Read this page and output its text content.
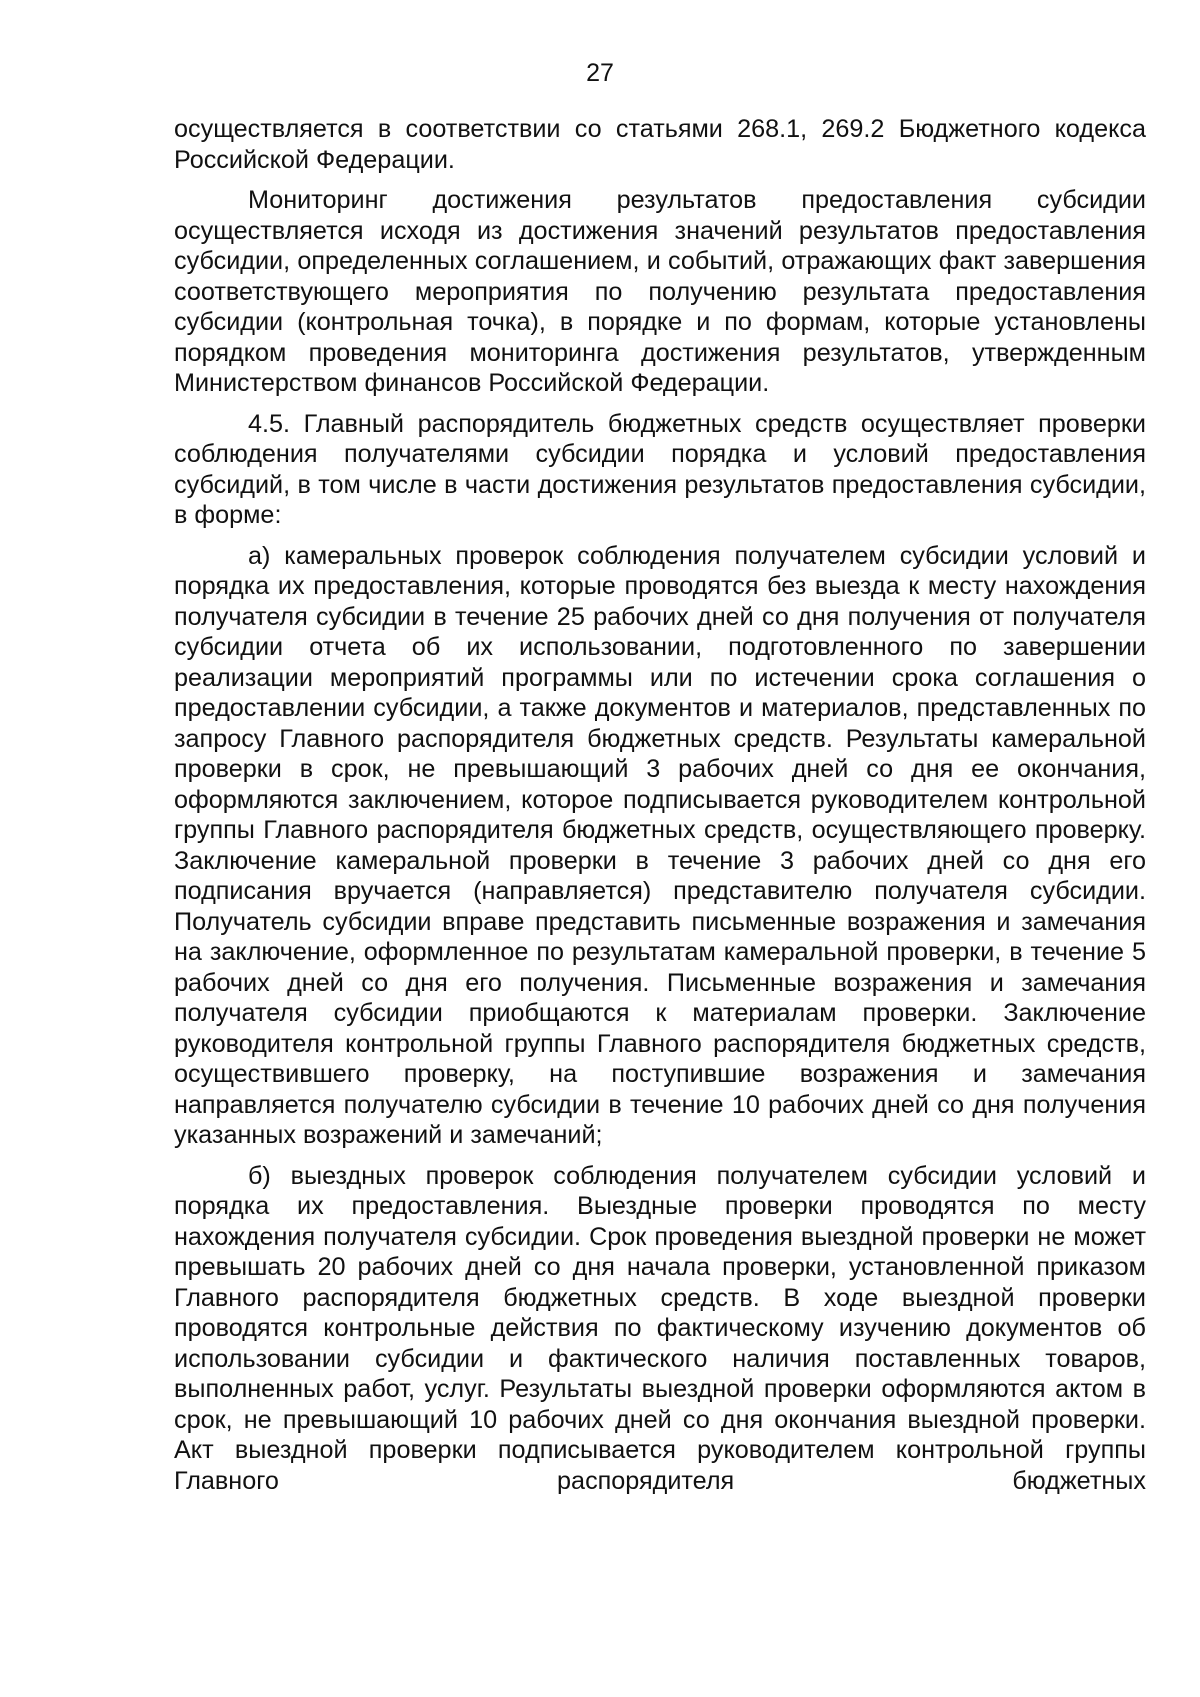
27

осуществляется в соответствии со статьями 268.1, 269.2 Бюджетного кодекса Российской Федерации.

Мониторинг достижения результатов предоставления субсидии осуществляется исходя из достижения значений результатов предоставления субсидии, определенных соглашением, и событий, отражающих факт завершения соответствующего мероприятия по получению результата предоставления субсидии (контрольная точка), в порядке и по формам, которые установлены порядком проведения мониторинга достижения результатов, утвержденным Министерством финансов Российской Федерации.

4.5. Главный распорядитель бюджетных средств осуществляет проверки соблюдения получателями субсидии порядка и условий предоставления субсидий, в том числе в части достижения результатов предоставления субсидии, в форме:

а) камеральных проверок соблюдения получателем субсидии условий и порядка их предоставления, которые проводятся без выезда к месту нахождения получателя субсидии в течение 25 рабочих дней со дня получения от получателя субсидии отчета об их использовании, подготовленного по завершении реализации мероприятий программы или по истечении срока соглашения о предоставлении субсидии, а также документов и материалов, представленных по запросу Главного распорядителя бюджетных средств. Результаты камеральной проверки в срок, не превышающий 3 рабочих дней со дня ее окончания, оформляются заключением, которое подписывается руководителем контрольной группы Главного распорядителя бюджетных средств, осуществляющего проверку. Заключение камеральной проверки в течение 3 рабочих дней со дня его подписания вручается (направляется) представителю получателя субсидии. Получатель субсидии вправе представить письменные возражения и замечания на заключение, оформленное по результатам камеральной проверки, в течение 5 рабочих дней со дня его получения. Письменные возражения и замечания получателя субсидии приобщаются к материалам проверки. Заключение руководителя контрольной группы Главного распорядителя бюджетных средств, осуществившего проверку, на поступившие возражения и замечания направляется получателю субсидии в течение 10 рабочих дней со дня получения указанных возражений и замечаний;

б) выездных проверок соблюдения получателем субсидии условий и порядка их предоставления. Выездные проверки проводятся по месту нахождения получателя субсидии. Срок проведения выездной проверки не может превышать 20 рабочих дней со дня начала проверки, установленной приказом Главного распорядителя бюджетных средств. В ходе выездной проверки проводятся контрольные действия по фактическому изучению документов об использовании субсидии и фактического наличия поставленных товаров, выполненных работ, услуг. Результаты выездной проверки оформляются актом в срок, не превышающий 10 рабочих дней со дня окончания выездной проверки. Акт выездной проверки подписывается руководителем контрольной группы Главного распорядителя бюджетных
